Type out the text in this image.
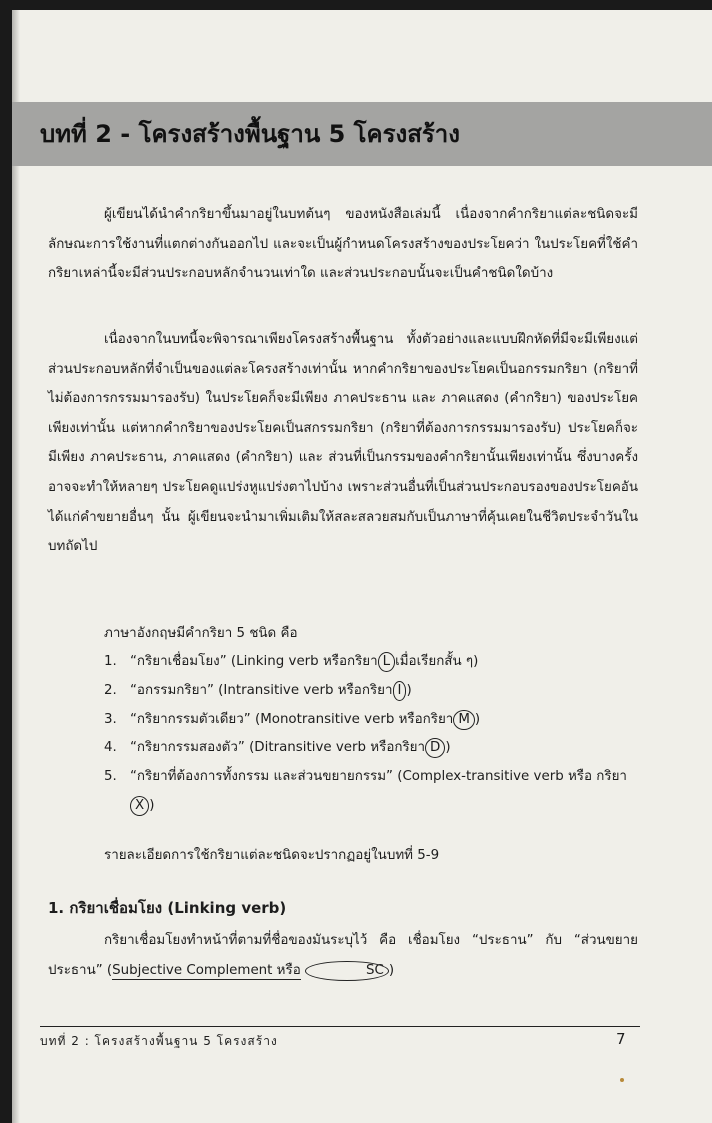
บทที่ 2 - โครงสร้างพื้นฐาน 5 โครงสร้าง

ผู้เขียนได้นำคำกริยาขึ้นมาอยู่ในบทต้นๆ ของหนังสือเล่มนี้ เนื่องจากคำกริยาแต่ละชนิดจะมีลักษณะการใช้งานที่แตกต่างกันออกไป และจะเป็นผู้กำหนดโครงสร้างของประโยคว่า ในประโยคที่ใช้คำกริยาเหล่านี้จะมีส่วนประกอบหลักจำนวนเท่าใด และส่วนประกอบนั้นจะเป็นคำชนิดใดบ้าง

เนื่องจากในบทนี้จะพิจารณาเพียงโครงสร้างพื้นฐาน ทั้งตัวอย่างและแบบฝึกหัดที่มีจะมีเพียงแต่ส่วนประกอบหลักที่จำเป็นของแต่ละโครงสร้างเท่านั้น หากคำกริยาของประโยคเป็นอกรรมกริยา (กริยาที่ไม่ต้องการกรรมมารองรับ) ในประโยคก็จะมีเพียง ภาคประธาน และ ภาคแสดง (คำกริยา) ของประโยคเพียงเท่านั้น แต่หากคำกริยาของประโยคเป็นสกรรมกริยา (กริยาที่ต้องการกรรมมารองรับ) ประโยคก็จะมีเพียง ภาคประธาน, ภาคแสดง (คำกริยา) และ ส่วนที่เป็นกรรมของคำกริยานั้นเพียงเท่านั้น ซึ่งบางครั้งอาจจะทำให้หลายๆ ประโยคดูแปร่งหูแปร่งตาไปบ้าง เพราะส่วนอื่นที่เป็นส่วนประกอบรองของประโยคอันได้แก่คำขยายอื่นๆ นั้น ผู้เขียนจะนำมาเพิ่มเติมให้สละสลวยสมกับเป็นภาษาที่คุ้นเคยในชีวิตประจำวันในบทถัดไป

ภาษาอังกฤษมีคำกริยา 5 ชนิด คือ

1. “กริยาเชื่อมโยง” (Linking verb หรือกริยา L เมื่อเรียกสั้น ๆ)
2. “อกรรมกริยา” (Intransitive verb หรือกริยา I )
3. “กริยากรรมตัวเดียว” (Monotransitive verb หรือกริยา M )
4. “กริยากรรมสองตัว” (Ditransitive verb หรือกริยา D )
5. “กริยาที่ต้องการทั้งกรรม และส่วนขยายกรรม” (Complex-transitive verb หรือ กริยาX )

รายละเอียดการใช้กริยาแต่ละชนิดจะปรากฏอยู่ในบทที่ 5-9

1. กริยาเชื่อมโยง (Linking verb)

กริยาเชื่อมโยงทำหน้าที่ตามที่ชื่อของมันระบุไว้ คือ เชื่อมโยง “ประธาน” กับ “ส่วนขยายประธาน” (Subjective Complement หรือ	SC )

บทที่ 2 : โครงสร้างพื้นฐาน 5 โครงสร้าง	7
